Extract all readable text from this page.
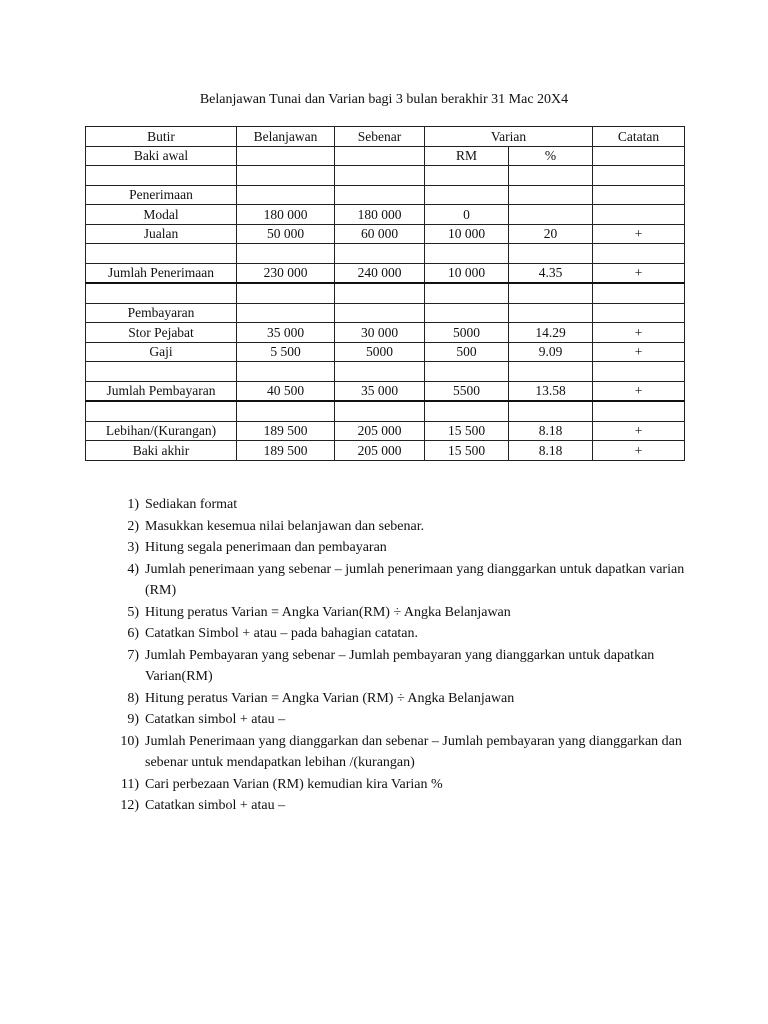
Belanjawan Tunai dan Varian bagi 3 bulan berakhir 31 Mac 20X4
Butir	Belanjawan	Sebenar	Varian		Catatan
Baki awal			RM	%	

Penerimaan					
Modal	180 000	180 000	0		
Jualan	50 000	60 000	10 000	20	+

Jumlah Penerimaan	230 000	240 000	10 000	4.35	+

Pembayaran					
Stor Pejabat	35 000	30 000	5000	14.29	+
Gaji	5 500	5000	500	9.09	+

Jumlah Pembayaran	40 500	35 000	5500	13.58	+

Lebihan/(Kurangan)	189 500	205 000	15 500	8.18	+
Baki akhir	189 500	205 000	15 500	8.18	+
1) Sediakan format
2) Masukkan kesemua nilai belanjawan dan sebenar.
3) Hitung segala penerimaan dan pembayaran
4) Jumlah penerimaan yang sebenar – jumlah penerimaan yang dianggarkan untuk dapatkan varian (RM)
5) Hitung peratus Varian = Angka Varian(RM) ÷ Angka Belanjawan
6) Catatkan Simbol + atau – pada bahagian catatan.
7) Jumlah Pembayaran yang sebenar – Jumlah pembayaran yang dianggarkan untuk dapatkan Varian(RM)
8) Hitung peratus Varian = Angka Varian (RM) ÷ Angka Belanjawan
9) Catatkan simbol + atau –
10) Jumlah Penerimaan yang dianggarkan dan sebenar – Jumlah pembayaran yang dianggarkan dan sebenar untuk mendapatkan lebihan /(kurangan)
11) Cari perbezaan Varian (RM) kemudian kira Varian %
12) Catatkan simbol + atau –
